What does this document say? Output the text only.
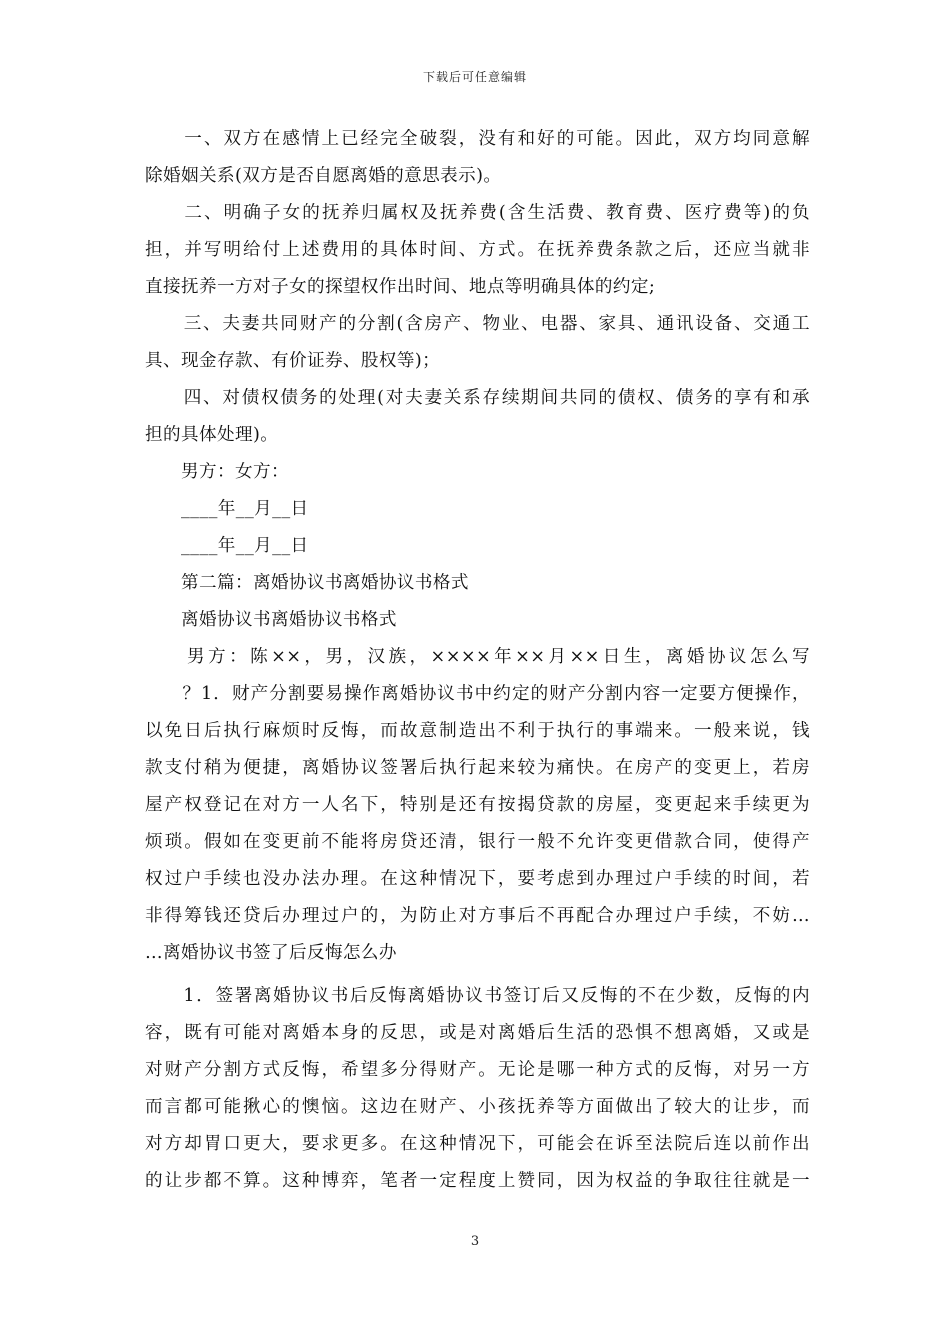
下载后可任意编辑
　　一、双方在感情上已经完全破裂，没有和好的可能。因此，双方均同意解
除婚姻关系(双方是否自愿离婚的意思表示)。
　　二、明确子女的抚养归属权及抚养费(含生活费、教育费、医疗费等)的负
担，并写明给付上述费用的具体时间、方式。在抚养费条款之后，还应当就非
直接抚养一方对子女的探望权作出时间、地点等明确具体的约定;
　　三、夫妻共同财产的分割(含房产、物业、电器、家具、通讯设备、交通工
具、现金存款、有价证券、股权等)；
　　四、对债权债务的处理(对夫妻关系存续期间共同的债权、债务的享有和承
担的具体处理)。
　　男方：女方：
　　____年__月__日
　　____年__月__日
　　第二篇：离婚协议书离婚协议书格式
　　离婚协议书离婚协议书格式
　　男方：陈××，男，汉族，××××年××月××日生，离婚协议怎么写
　　？1．财产分割要易操作离婚协议书中约定的财产分割内容一定要方便操作，
以免日后执行麻烦时反悔，而故意制造出不利于执行的事端来。一般来说，钱
款支付稍为便捷，离婚协议签署后执行起来较为痛快。在房产的变更上，若房
屋产权登记在对方一人名下，特别是还有按揭贷款的房屋，变更起来手续更为
烦琐。假如在变更前不能将房贷还清，银行一般不允许变更借款合同，使得产
权过户手续也没办法办理。在这种情况下，要考虑到办理过户手续的时间，若
非得筹钱还贷后办理过户的，为防止对方事后不再配合办理过户手续，不妨…
…离婚协议书签了后反悔怎么办
　　1．签署离婚协议书后反悔离婚协议书签订后又反悔的不在少数，反悔的内
容，既有可能对离婚本身的反思，或是对离婚后生活的恐惧不想离婚，又或是
对财产分割方式反悔，希望多分得财产。无论是哪一种方式的反悔，对另一方
而言都可能揪心的懊恼。这边在财产、小孩抚养等方面做出了较大的让步，而
对方却胃口更大，要求更多。在这种情况下，可能会在诉至法院后连以前作出
的让步都不算。这种博弈，笔者一定程度上赞同，因为权益的争取往往就是一
3
